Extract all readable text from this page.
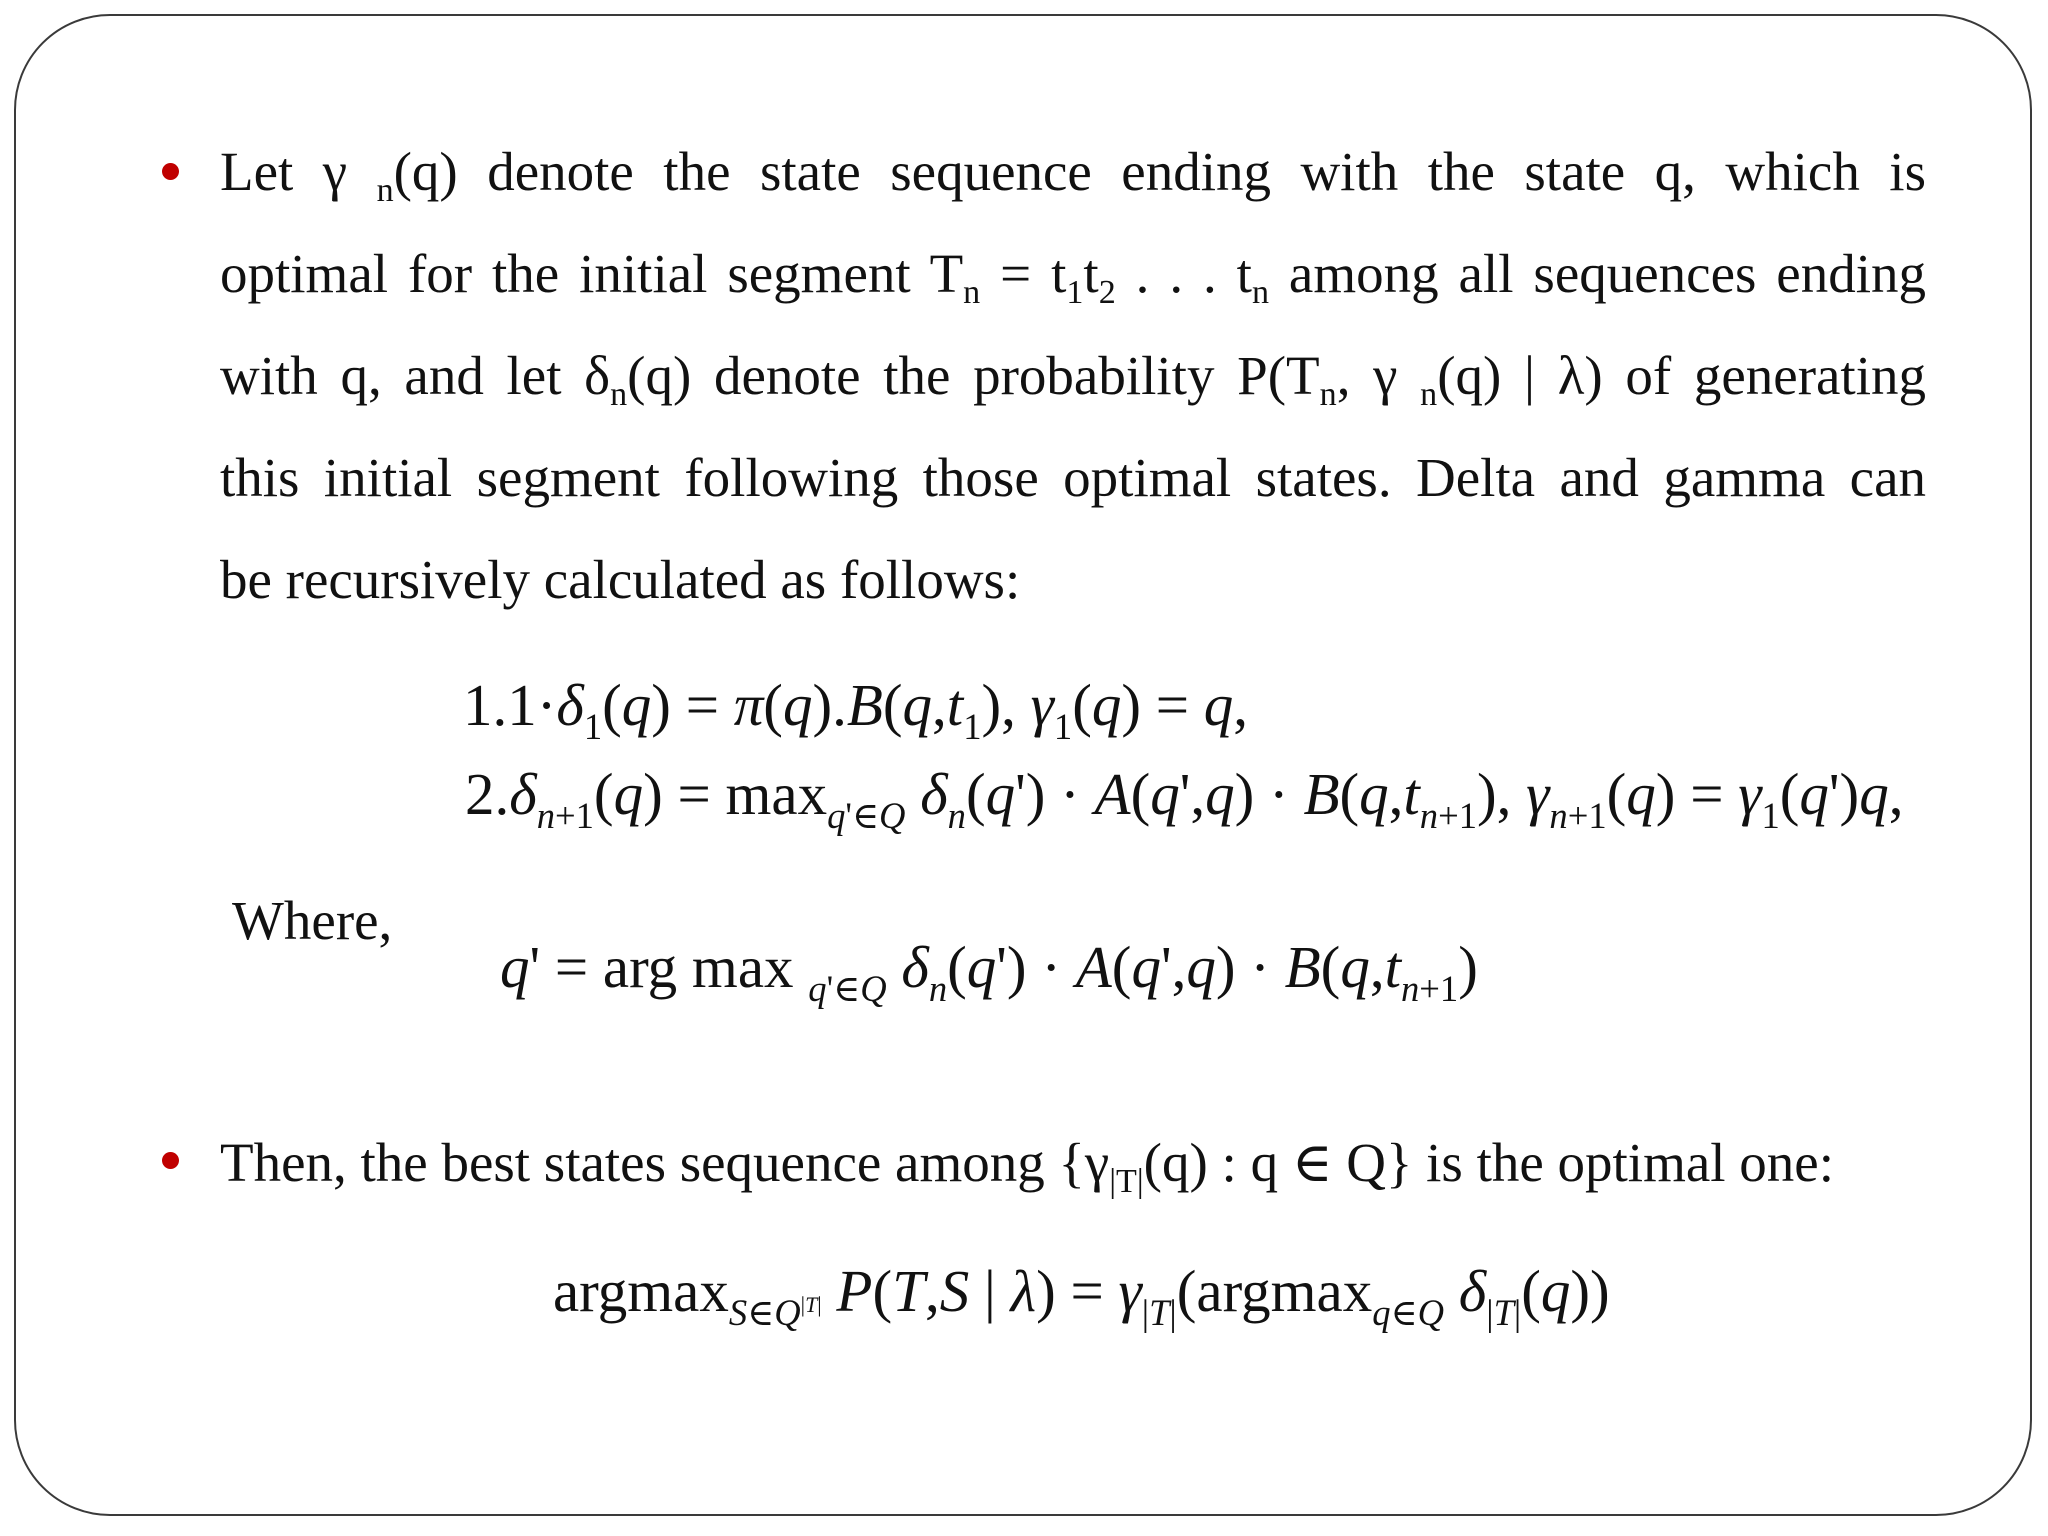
Let γ $_n$(q) denote the state sequence ending with the state q, which is
optimal for the initial segment $T_n = t_1t_2$ . . . $t_n$ among all sequences ending
with q, and let $\delta_n(q)$ denote the probability $P(T_n$, γ $_n$(q) | λ) of generating
this initial segment following those optimal states. Delta and gamma can
be recursively calculated as follows:
$1.1\cdot\delta_1(q) = \pi(q).B(q,t_1)$, $\gamma_1(q) = q$,
$2.\delta_{n+1}(q) = \max_{q'\in Q} \delta_n(q') \cdot A(q',q) \cdot B(q,t_{n+1})$, $\gamma_{n+1}(q) = \gamma_1(q')q$,
Where,
q' = arg max $_{q'\in Q}$ $\delta_n(q') \cdot A(q',q) \cdot B(q,t_{n+1})$
Then, the best states sequence among {$\gamma_{|T|}(q)$ : q ∈ Q} is the optimal one:
argmax$_{S\in Q^{|T|}}$ P(T,S | $\lambda) = \gamma_{|T|}(argmax_{q\in Q}$ $\delta_{|T|}(q)$)
